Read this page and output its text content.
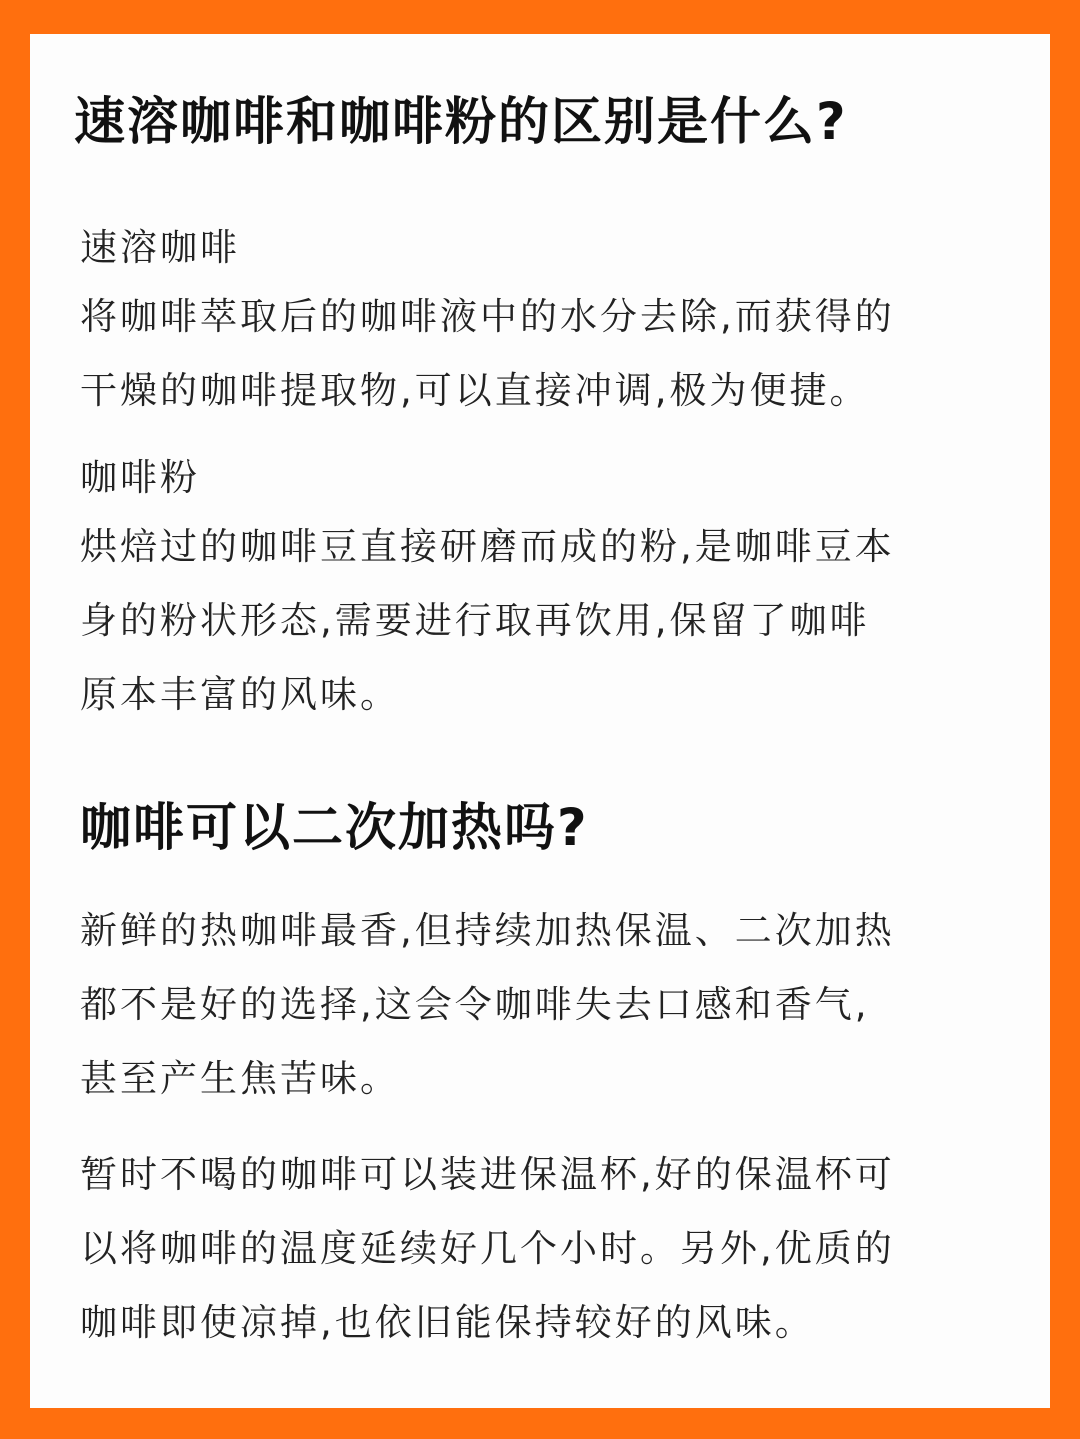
速溶咖啡和咖啡粉的区别是什么?

速溶咖啡

将咖啡萃取后的咖啡液中的水分去除,而获得的
干燥的咖啡提取物,可以直接冲调,极为便捷。

咖啡粉

烘焙过的咖啡豆直接研磨而成的粉,是咖啡豆本
身的粉状形态,需要进行取再饮用,保留了咖啡
原本丰富的风味。

咖啡可以二次加热吗?

新鲜的热咖啡最香,但持续加热保温、二次加热
都不是好的选择,这会令咖啡失去口感和香气,
甚至产生焦苦味。

暂时不喝的咖啡可以装进保温杯,好的保温杯可
以将咖啡的温度延续好几个小时。另外,优质的
咖啡即使凉掉,也依旧能保持较好的风味。
